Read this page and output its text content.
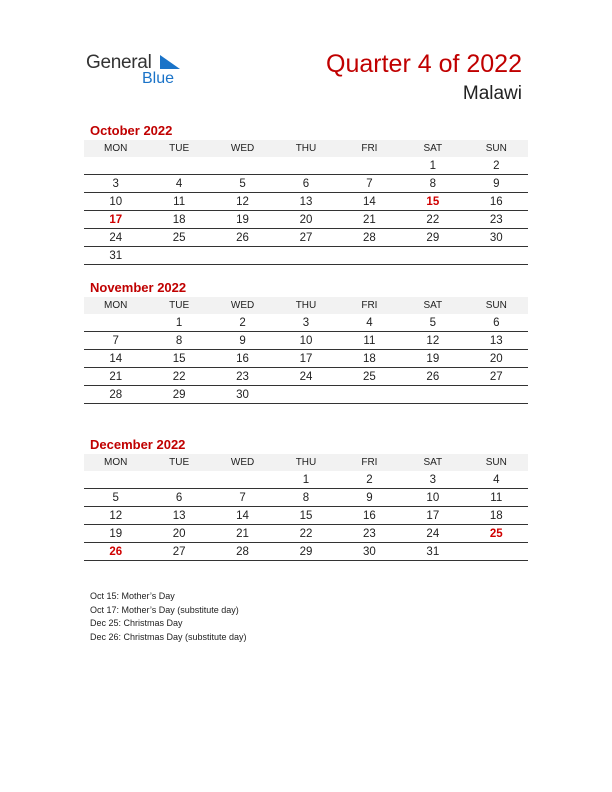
General
Blue
Quarter 4 of 2022
Malawi
October 2022
MON	TUE	WED	THU	FRI	SAT	SUN
					1	2
3	4	5	6	7	8	9
10	11	12	13	14	15	16
17	18	19	20	21	22	23
24	25	26	27	28	29	30
31						
November 2022
MON	TUE	WED	THU	FRI	SAT	SUN
	1	2	3	4	5	6
7	8	9	10	11	12	13
14	15	16	17	18	19	20
21	22	23	24	25	26	27
28	29	30				
December 2022
MON	TUE	WED	THU	FRI	SAT	SUN
			1	2	3	4
5	6	7	8	9	10	11
12	13	14	15	16	17	18
19	20	21	22	23	24	25
26	27	28	29	30	31	
Oct 15: Mother’s Day
Oct 17: Mother’s Day (substitute day)
Dec 25: Christmas Day
Dec 26: Christmas Day (substitute day)
